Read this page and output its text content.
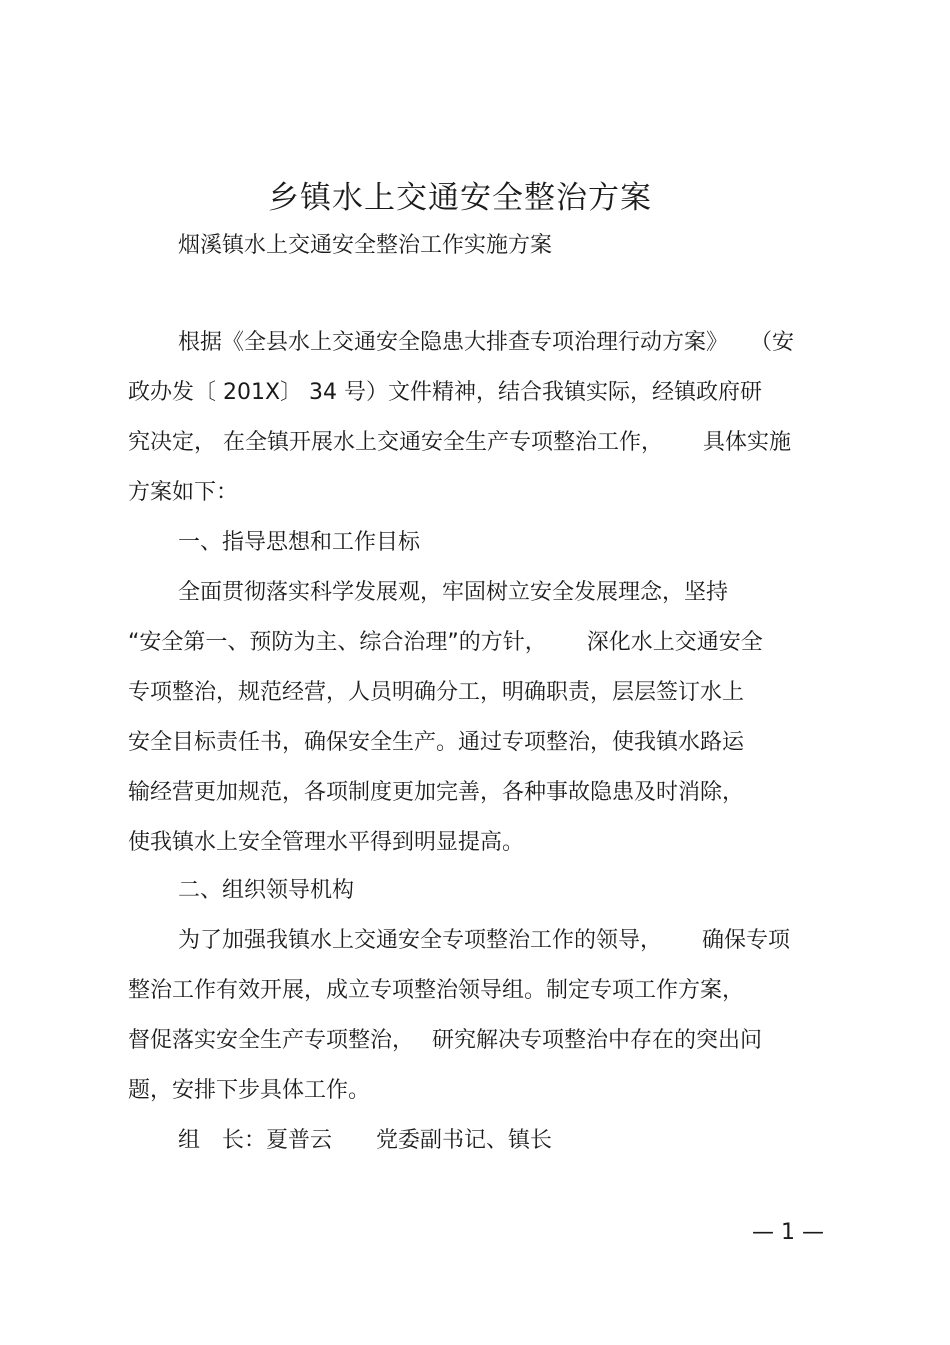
乡镇水上交通安全整治方案
烟溪镇水上交通安全整治工作实施方案
根据《全县水上交通安全隐患大排查专项治理行动方案》　　（安
政办发〔 201X〕 34 号）文件精神，结合我镇实际，经镇政府研
究决定， 在全镇开展水上交通安全生产专项整治工作，　　 具体实施
方案如下：
一、指导思想和工作目标
全面贯彻落实科学发展观，牢固树立安全发展理念，坚持
“安全第一、预防为主、综合治理”的方针，　　 深化水上交通安全
专项整治，规范经营，人员明确分工，明确职责，层层签订水上
安全目标责任书，确保安全生产。通过专项整治，使我镇水路运
输经营更加规范，各项制度更加完善，各种事故隐患及时消除，
使我镇水上安全管理水平得到明显提高。
二、组织领导机构
为了加强我镇水上交通安全专项整治工作的领导，　　 确保专项
整治工作有效开展，成立专项整治领导组。制定专项工作方案，
督促落实安全生产专项整治，　 研究解决专项整治中存在的突出问
题，安排下步具体工作。
组　长：夏普云　　党委副书记、镇长
— 1 —
